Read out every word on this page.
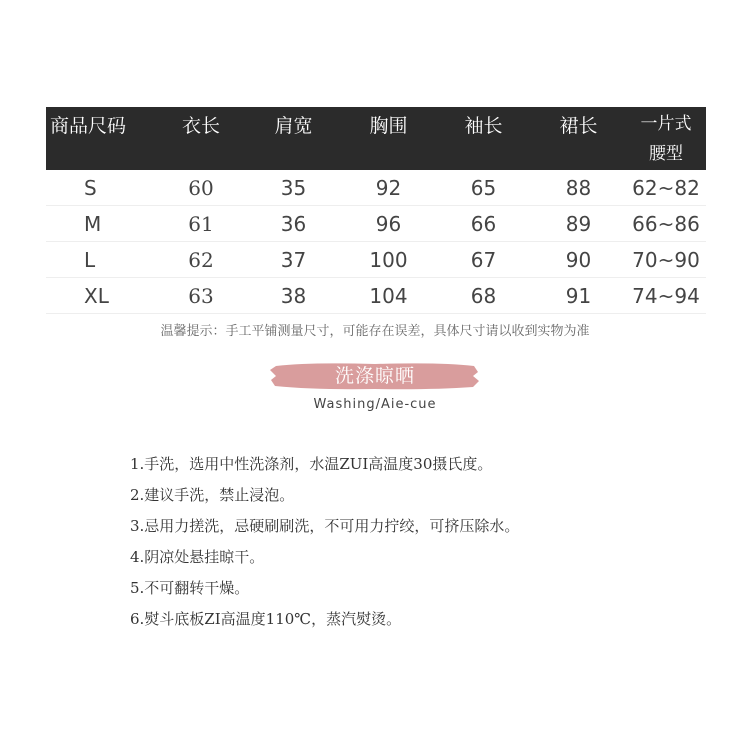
商品尺码	衣长	肩宽	胸围	袖长	裙长	一片式
腰型

S	60	35	92	65	88	62~82
M	61	36	96	66	89	66~86
L	62	37	100	67	90	70~90
XL	63	38	104	68	91	74~94
温馨提示：手工平铺测量尺寸，可能存在误差，具体尺寸请以收到实物为准
洗涤晾晒
Washing/Aie-cue
1.手洗，选用中性洗涤剂，水温ZUI高温度30摄氏度。
2.建议手洗，禁止浸泡。
3.忌用力搓洗，忌硬刷刷洗，不可用力拧绞，可挤压除水。
4.阴凉处悬挂晾干。
5.不可翻转干燥。
6.熨斗底板ZI高温度110℃，蒸汽熨烫。
